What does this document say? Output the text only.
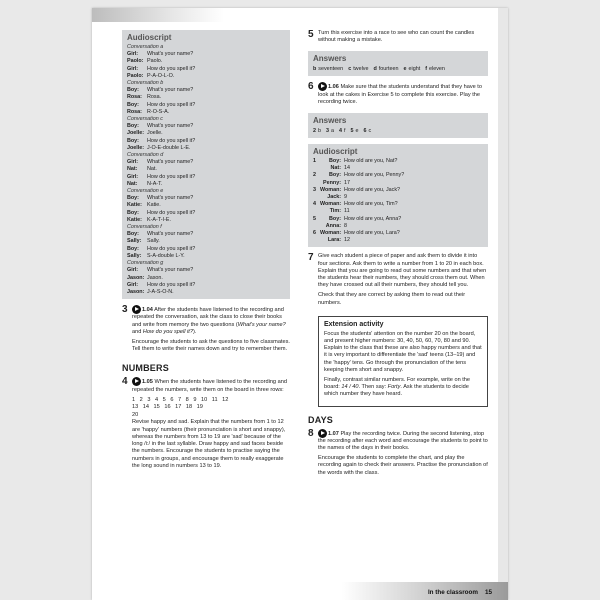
Audioscript
Conversation a
Girl:	What's your name?
Paolo: Paolo.
Girl:	How do you spell it?
Paolo: P-A-O-L-O.
Conversation b
Boy:	What's your name?
Rosa: Rosa.
Boy:	How do you spell it?
Rosa: R-O-S-A.
Conversation c
Boy:	What's your name?
Joelle: Joelle.
Boy:	How do you spell it?
Joelle: J-O-E-double L-E.
Conversation d
Girl:	What's your name?
Nat:	Nat.
Girl:	How do you spell it?
Nat:	N-A-T.
Conversation e
Boy:	What's your name?
Katie: Katie.
Boy:	How do you spell it?
Katie: K-A-T-I-E.
Conversation f
Boy:	What's your name?
Sally:	Sally.
Boy:	How do you spell it?
Sally:	S-A-double L-Y.
Conversation g
Girl:	What's your name?
Jason: Jason.
Girl:	How do you spell it?
Jason: J-A-S-O-N.
3	1.04 After the students have listened to the recording and repeated the conversation, ask the class to close their books and write from memory the two questions (What's your name? and How do you spell it?).

Encourage the students to ask the questions to five classmates. Tell them to write their names down and try to remember them.

NUMBERS
4	1.05 When the students have listened to the recording and repeated the numbers, write them on the board in three rows:

1 2 3 4 5 6 7 8 9 10 11 12
13 14 15 16 17 18 19
20

Revise happy and sad. Explain that the numbers from 1 to 12 are 'happy' numbers (their pronunciation is short and snappy), whereas the numbers from 13 to 19 are 'sad' because of the long /i:/ in the last syllable. Draw happy and sad faces beside the numbers. Encourage the students to practise saying the numbers in groups, and encourage them to really exaggerate the long sound in numbers 13 to 19.

5 Turn this exercise into a race to see who can count the candles without making a mistake.

Answers
b seventeen c twelve d fourteen e eight f eleven
6	1.06 Make sure that the students understand that they have to look at the cakes in Exercise 5 to complete this exercise. Play the recording twice.

Answers
2 b 3 a 4 f 5 e 6 c
Audioscript
1	Boy: How old are you, Nat?
Nat: 14
2	Boy: How old are you, Penny?
Penny: 17
3 Woman: How old are you, Jack?
Jack: 9
4 Woman: How old are you, Tim?
Tim: 11
5	Boy: How old are you, Anna?
Anna: 8
6 Woman: How old are you, Lara?
Lara: 12
7 Give each student a piece of paper and ask them to divide it into four sections. Ask them to write a number from 1 to 20 in each box. Explain that you are going to read out some numbers and that when the students hear their numbers, they should cross them out. When they have crossed out all their numbers, they should tell you.

Check that they are correct by asking them to read out their numbers.

Extension activity

Focus the students' attention on the number 20 on the board, and present higher numbers: 30, 40, 50, 60, 70, 80 and 90. Explain to the class that these are also happy numbers and that it is very important to differentiate the 'sad' teens (13–19) and the 'happy' tens. Go through the pronunciation of the tens keeping them short and snappy.

Finally, contrast similar numbers. For example, write on the board: 14 / 40. Then say: Forty. Ask the students to decide which number they have heard.

DAYS
8	1.07 Play the recording twice. During the second listening, stop the recording after each word and encourage the students to point to the names of the days in their books.

Encourage the students to complete the chart, and play the recording again to check their answers. Practise the pronunciation of the words with the class.

In the classroom 15
